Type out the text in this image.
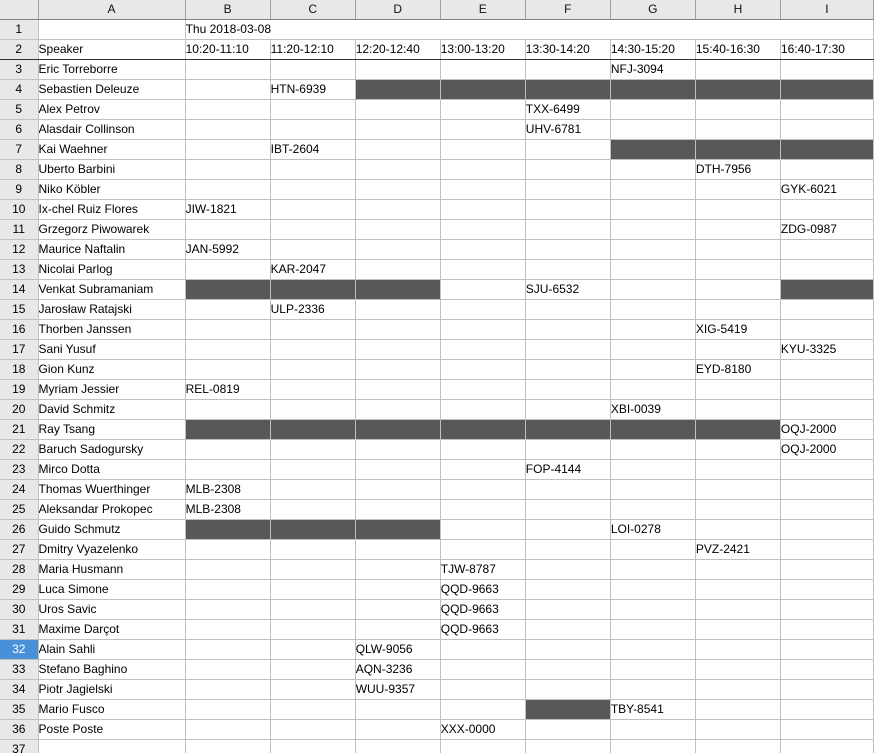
	A	B	C	D	E	F	G	H	I
1		Thu 2018-03-08							
2	Speaker	10:20-11:10	11:20-12:10	12:20-12:40	13:00-13:20	13:30-14:20	14:30-15:20	15:40-16:30	16:40-17:30
3	Eric Torreborre						NFJ-3094		
4	Sebastien Deleuze		HTN-6939						
5	Alex Petrov					TXX-6499			
6	Alasdair Collinson					UHV-6781			
7	Kai Waehner		IBT-2604						
8	Uberto Barbini							DTH-7956	
9	Niko Köbler								GYK-6021
10	Ix-chel Ruiz Flores	JIW-1821							
11	Grzegorz Piwowarek								ZDG-0987
12	Maurice Naftalin	JAN-5992							
13	Nicolai Parlog		KAR-2047						
14	Venkat Subramaniam					SJU-6532			
15	Jarosław Ratajski		ULP-2336						
16	Thorben Janssen							XIG-5419	
17	Sani Yusuf								KYU-3325
18	Gion Kunz							EYD-8180	
19	Myriam Jessier	REL-0819							
20	David Schmitz						XBI-0039		
21	Ray Tsang								OQJ-2000
22	Baruch Sadogursky								OQJ-2000
23	Mirco Dotta					FOP-4144			
24	Thomas Wuerthinger	MLB-2308							
25	Aleksandar Prokopec	MLB-2308							
26	Guido Schmutz						LOI-0278		
27	Dmitry Vyazelenko							PVZ-2421	
28	Maria Husmann				TJW-8787				
29	Luca Simone				QQD-9663				
30	Uros Savic				QQD-9663				
31	Maxime Darçot				QQD-9663				
32	Alain Sahli			QLW-9056					
33	Stefano Baghino			AQN-3236					
34	Piotr Jagielski			WUU-9357					
35	Mario Fusco						TBY-8541		
36	Poste Poste				XXX-0000				
37									
